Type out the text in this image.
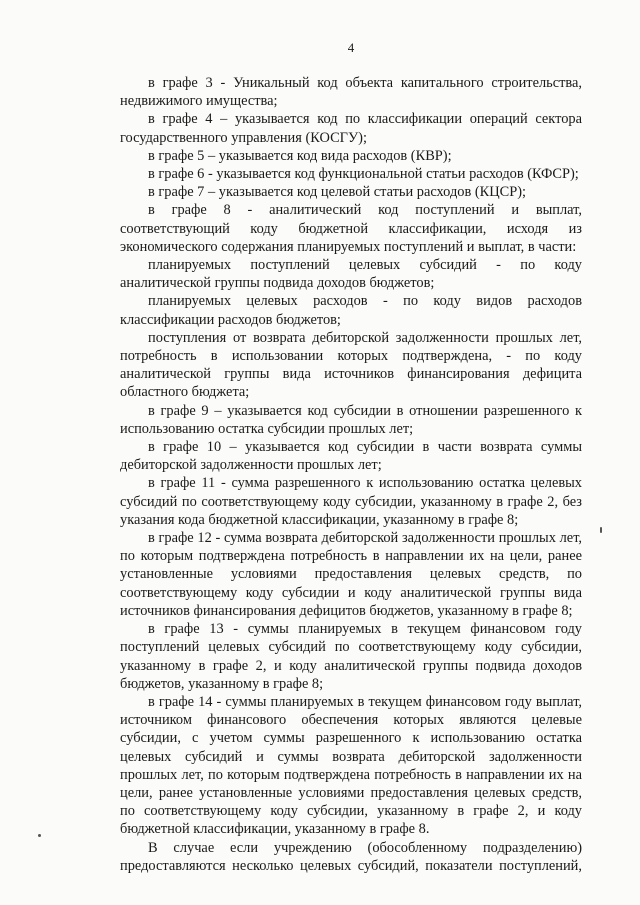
4

в графе 3 - Уникальный код объекта капитального строительства, недвижимого имущества;

в графе 4 – указывается код по классификации операций сектора государственного управления (КОСГУ);

в графе 5 – указывается код вида расходов (КВР);

в графе 6 - указывается код функциональной статьи расходов (КФСР);

в графе 7 – указывается код целевой статьи расходов (КЦСР);

в графе 8 - аналитический код поступлений и выплат, соответствующий коду бюджетной классификации, исходя из экономического содержания планируемых поступлений и выплат, в части:

планируемых поступлений целевых субсидий - по коду аналитической группы подвида доходов бюджетов;

планируемых целевых расходов - по коду видов расходов классификации расходов бюджетов;

поступления от возврата дебиторской задолженности прошлых лет, потребность в использовании которых подтверждена, - по коду аналитической группы вида источников финансирования дефицита областного бюджета;

в графе 9 – указывается код субсидии в отношении разрешенного к использованию остатка субсидии прошлых лет;

в графе 10 – указывается код субсидии в части возврата суммы дебиторской задолженности прошлых лет;

в графе 11 - сумма разрешенного к использованию остатка целевых субсидий по соответствующему коду субсидии, указанному в графе 2, без указания кода бюджетной классификации, указанному в графе 8;

в графе 12 - сумма возврата дебиторской задолженности прошлых лет, по которым подтверждена потребность в направлении их на цели, ранее установленные условиями предоставления целевых средств, по соответствующему коду субсидии и коду аналитической группы вида источников финансирования дефицитов бюджетов, указанному в графе 8;

в графе 13 - суммы планируемых в текущем финансовом году поступлений целевых субсидий по соответствующему коду субсидии, указанному в графе 2, и коду аналитической группы подвида доходов бюджетов, указанному в графе 8;

в графе 14 - суммы планируемых в текущем финансовом году выплат, источником финансового обеспечения которых являются целевые субсидии, с учетом суммы разрешенного к использованию остатка целевых субсидий и суммы возврата дебиторской задолженности прошлых лет, по которым подтверждена потребность в направлении их на цели, ранее установленные условиями предоставления целевых средств, по соответствующему коду субсидии, указанному в графе 2, и коду бюджетной классификации, указанному в графе 8.

В случае если учреждению (обособленному подразделению) предоставляются несколько целевых субсидий, показатели поступлений,
